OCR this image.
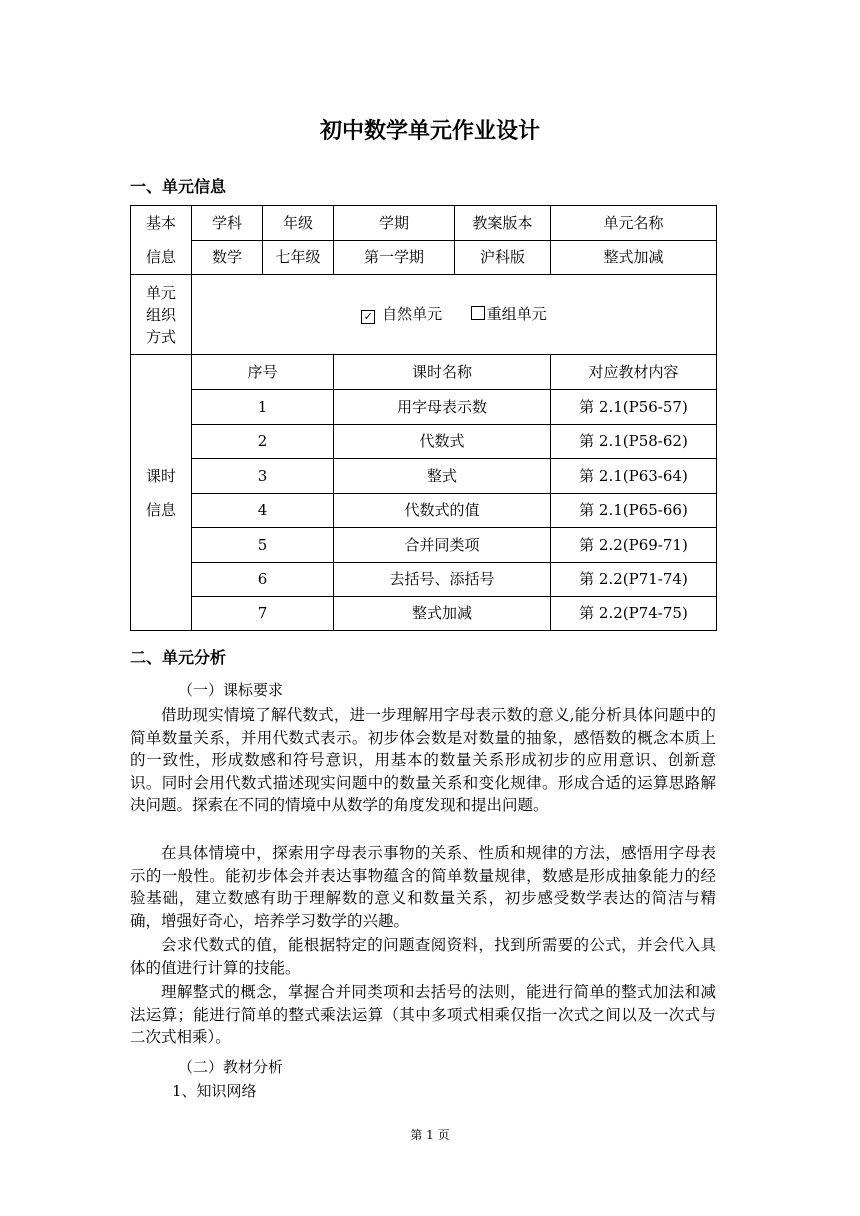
初中数学单元作业设计
一、单元信息
基本
信息	学科	年级	学期	教案版本	单元名称
	数学	七年级	第一学期	沪科版	整式加减
单元
组织
方式	✓ 自然单元 重组单元				
课时
信息	序号		课时名称		对应教材内容
	1		用字母表示数		第 2.1(P56-57)
	2		代数式		第 2.1(P58-62)
	3		整式		第 2.1(P63-64)
	4		代数式的值		第 2.1(P65-66)
	5		合并同类项		第 2.2(P69-71)
	6		去括号、添括号		第 2.2(P71-74)
	7		整式加减		第 2.2(P74-75)
二、单元分析
（一）课标要求
借助现实情境了解代数式，进一步理解用字母表示数的意义,能分析具体问题中的简单数量关系，并用代数式表示。初步体会数是对数量的抽象，感悟数的概念本质上的一致性，形成数感和符号意识，用基本的数量关系形成初步的应用意识、创新意识。同时会用代数式描述现实问题中的数量关系和变化规律。形成合适的运算思路解决问题。探索在不同的情境中从数学的角度发现和提出问题。
在具体情境中，探索用字母表示事物的关系、性质和规律的方法，感悟用字母表示的一般性。能初步体会并表达事物蕴含的简单数量规律，数感是形成抽象能力的经验基础，建立数感有助于理解数的意义和数量关系，初步感受数学表达的简洁与精确，增强好奇心，培养学习数学的兴趣。
会求代数式的值，能根据特定的问题查阅资料，找到所需要的公式，并会代入具体的值进行计算的技能。
理解整式的概念，掌握合并同类项和去括号的法则，能进行简单的整式加法和减法运算；能进行简单的整式乘法运算（其中多项式相乘仅指一次式之间以及一次式与二次式相乘）。
（二）教材分析
1、知识网络
第 1 页
